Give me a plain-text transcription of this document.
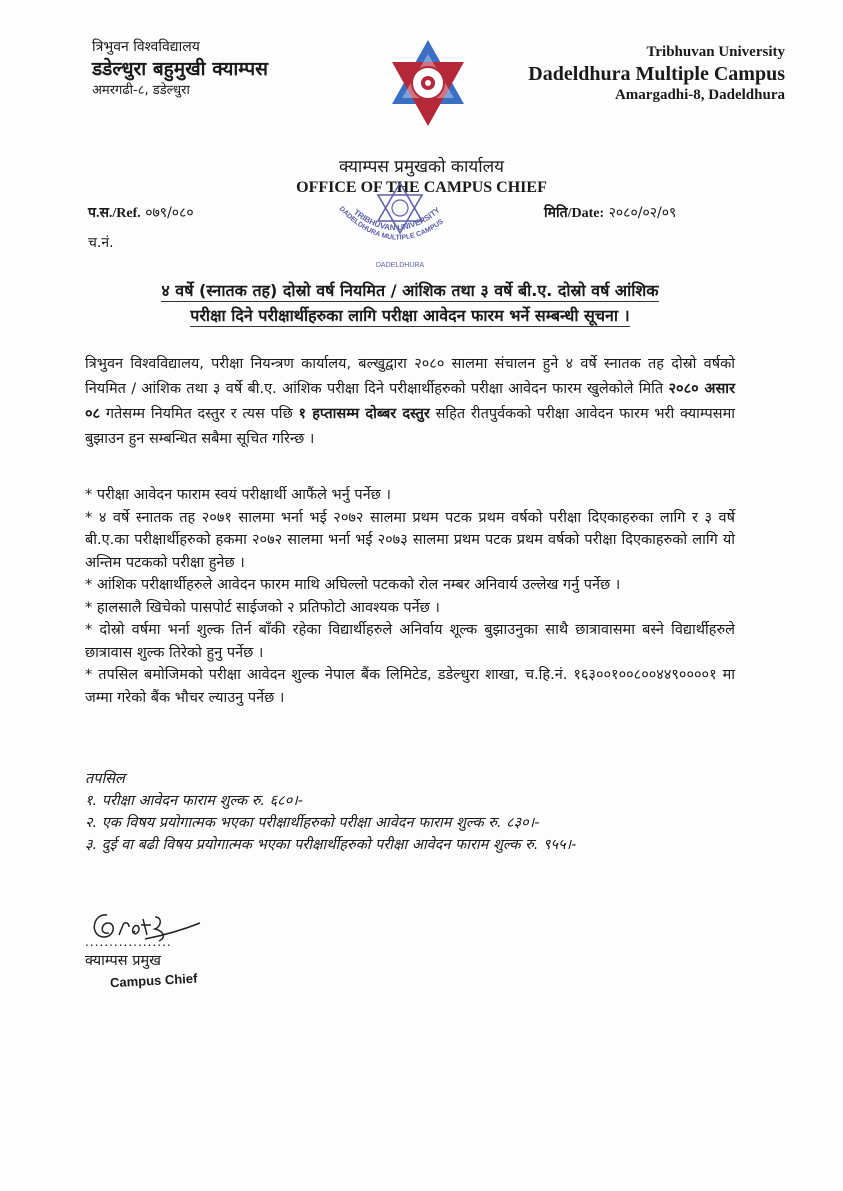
त्रिभुवन विश्वविद्यालय
डडेल्धुरा बहुमुखी क्याम्पस
अमरगढी-८, डडेल्धुरा
Tribhuvan University
Dadeldhura Multiple Campus
Amargadhi-8, Dadeldhura
क्याम्पस प्रमुखको कार्यालय
OFFICE OF THE CAMPUS CHIEF
TRIBHUVAN UNIVERSITY
DADELDHURA MULTIPLE CAMPUS
DADELDHURA
प.स./Ref. ०७९/०८०
च.नं.
मिति/Date: २०८०/०२/०९
४ वर्षे (स्नातक तह) दोस्रो वर्ष नियमित / आंशिक तथा ३ वर्षे बी.ए. दोस्रो वर्ष आंशिक
परीक्षा दिने परीक्षार्थीहरुका लागि परीक्षा आवेदन फारम भर्ने सम्बन्धी सूचना ।
त्रिभुवन विश्वविद्यालय, परीक्षा नियन्त्रण कार्यालय, बल्खुद्वारा २०८० सालमा संचालन हुने ४ वर्षे स्नातक तह दोस्रो वर्षको नियमित / आंशिक तथा ३ वर्षे बी.ए. आंशिक परीक्षा दिने परीक्षार्थीहरुको परीक्षा आवेदन फारम खुलेकोले मिति २०८० असार ०८ गतेसम्म नियमित दस्तुर र त्यस पछि १ हप्तासम्म दोब्बर दस्तुर सहित रीतपुर्वकको परीक्षा आवेदन फारम भरी क्याम्पसमा बुझाउन हुन सम्बन्धित सबैमा सूचित गरिन्छ ।

* परीक्षा आवेदन फाराम स्वयं परीक्षार्थी आफैंले भर्नु पर्नेछ ।

* ४ वर्षे स्नातक तह २०७१ सालमा भर्ना भई २०७२ सालमा प्रथम पटक प्रथम वर्षको परीक्षा दिएकाहरुका लागि र ३ वर्षे बी.ए.का परीक्षार्थीहरुको हकमा २०७२ सालमा भर्ना भई २०७३ सालमा प्रथम पटक प्रथम वर्षको परीक्षा दिएकाहरुको लागि यो अन्तिम पटकको परीक्षा हुनेछ ।

* आंशिक परीक्षार्थीहरुले आवेदन फारम माथि अघिल्लो पटकको रोल नम्बर अनिवार्य उल्लेख गर्नु पर्नेछ ।

* हालसालै खिचेको पासपोर्ट साईजको २ प्रतिफोटो आवश्यक पर्नेछ ।

* दोस्रो वर्षमा भर्ना शुल्क तिर्न बाँकी रहेका विद्यार्थीहरुले अनिर्वाय शूल्क बुझाउनुका साथै छात्रावासमा बस्ने विद्यार्थीहरुले छात्रावास शुल्क तिरेको हुनु पर्नेछ ।

* तपसिल बमोजिमको परीक्षा आवेदन शुल्क नेपाल बैंक लिमिटेड, डडेल्धुरा शाखा, च.हि.नं. १६३००१००८००४४९००००१ मा जम्मा गरेको बैंक भौचर ल्याउनु पर्नेछ ।

तपसिल

१. परीक्षा आवेदन फाराम शुल्क रु. ६८०।-

२. एक विषय प्रयोगात्मक भएका परीक्षार्थीहरुको परीक्षा आवेदन फाराम शुल्क रु. ८३०।-

३. दुई वा बढी विषय प्रयोगात्मक भएका परीक्षार्थीहरुको परीक्षा आवेदन फाराम शुल्क रु. ९५५।-

..................
क्याम्पस प्रमुख
Campus Chief
